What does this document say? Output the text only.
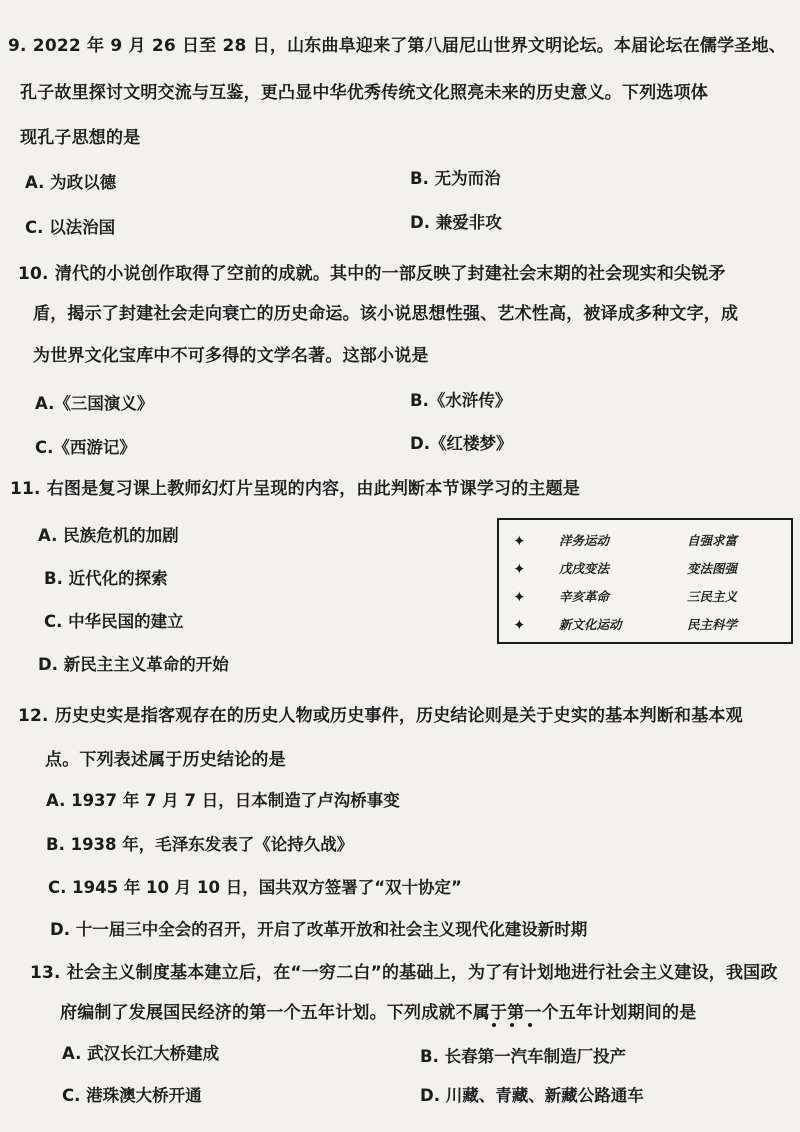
9. 2022 年 9 月 26 日至 28 日，山东曲阜迎来了第八届尼山世界文明论坛。本届论坛在儒学圣地、
孔子故里探讨文明交流与互鉴，更凸显中华优秀传统文化照亮未来的历史意义。下列选项体
现孔子思想的是
A. 为政以德	B. 无为而治
C. 以法治国	D. 兼爱非攻
10. 清代的小说创作取得了空前的成就。其中的一部反映了封建社会末期的社会现实和尖锐矛
盾，揭示了封建社会走向衰亡的历史命运。该小说思想性强、艺术性高，被译成多种文字，成
为世界文化宝库中不可多得的文学名著。这部小说是
A.《三国演义》	B.《水浒传》
C.《西游记》	D.《红楼梦》
11. 右图是复习课上教师幻灯片呈现的内容，由此判断本节课学习的主题是
A. 民族危机的加剧
B. 近代化的探索
C. 中华民国的建立
D. 新民主主义革命的开始
✦	洋务运动	自强求富
✦	戊戌变法	变法图强
✦	辛亥革命	三民主义
✦	新文化运动	民主科学
12. 历史史实是指客观存在的历史人物或历史事件，历史结论则是关于史实的基本判断和基本观
点。下列表述属于历史结论的是
A. 1937 年 7 月 7 日，日本制造了卢沟桥事变
B. 1938 年，毛泽东发表了《论持久战》
C. 1945 年 10 月 10 日，国共双方签署了“双十协定”
D. 十一届三中全会的召开，开启了改革开放和社会主义现代化建设新时期
13. 社会主义制度基本建立后，在“一穷二白”的基础上，为了有计划地进行社会主义建设，我国政
府编制了发展国民经济的第一个五年计划。下列成就不属于第一个五年计划期间的是
A. 武汉长江大桥建成	B. 长春第一汽车制造厂投产
C. 港珠澳大桥开通	D. 川藏、青藏、新藏公路通车
